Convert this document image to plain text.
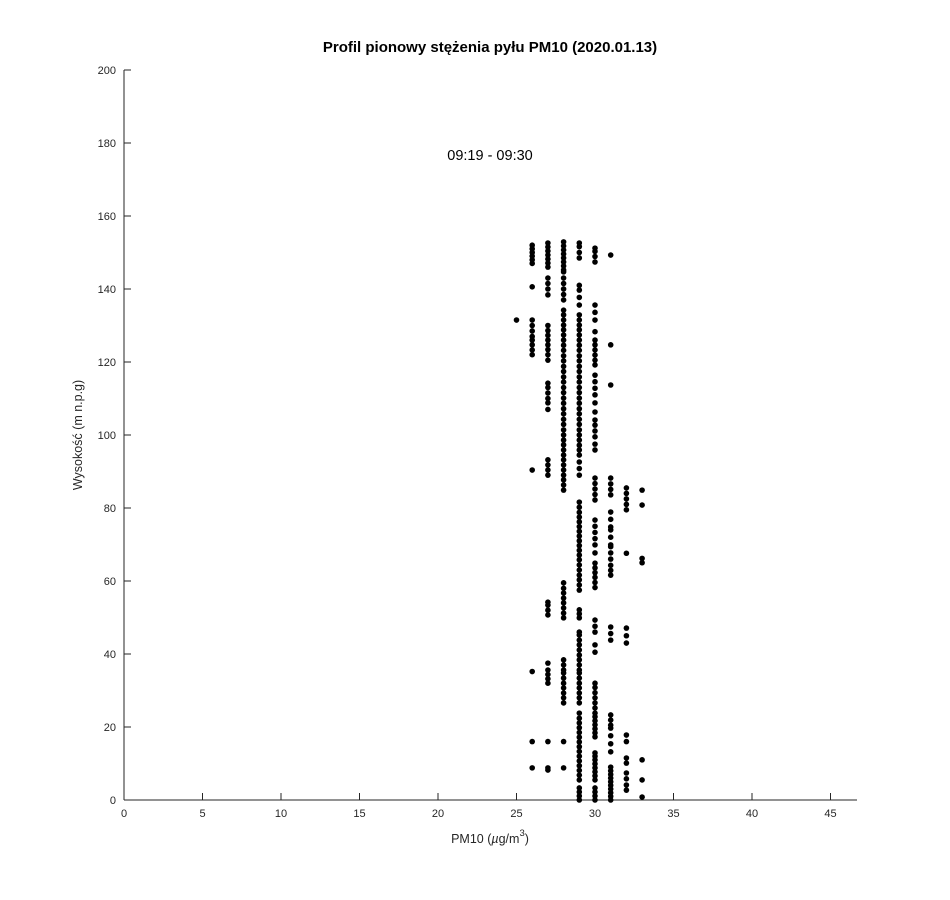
Profil pionowy stężenia pyłu PM10 (2020.01.13)
09:19 - 09:30
0	5	10	15	20	25	30	35	40	45
0
20
40
60
80
100
120
140
160
180
200
Wysokość (m n.p.g)
PM10 $(\mu g/m^3)$
